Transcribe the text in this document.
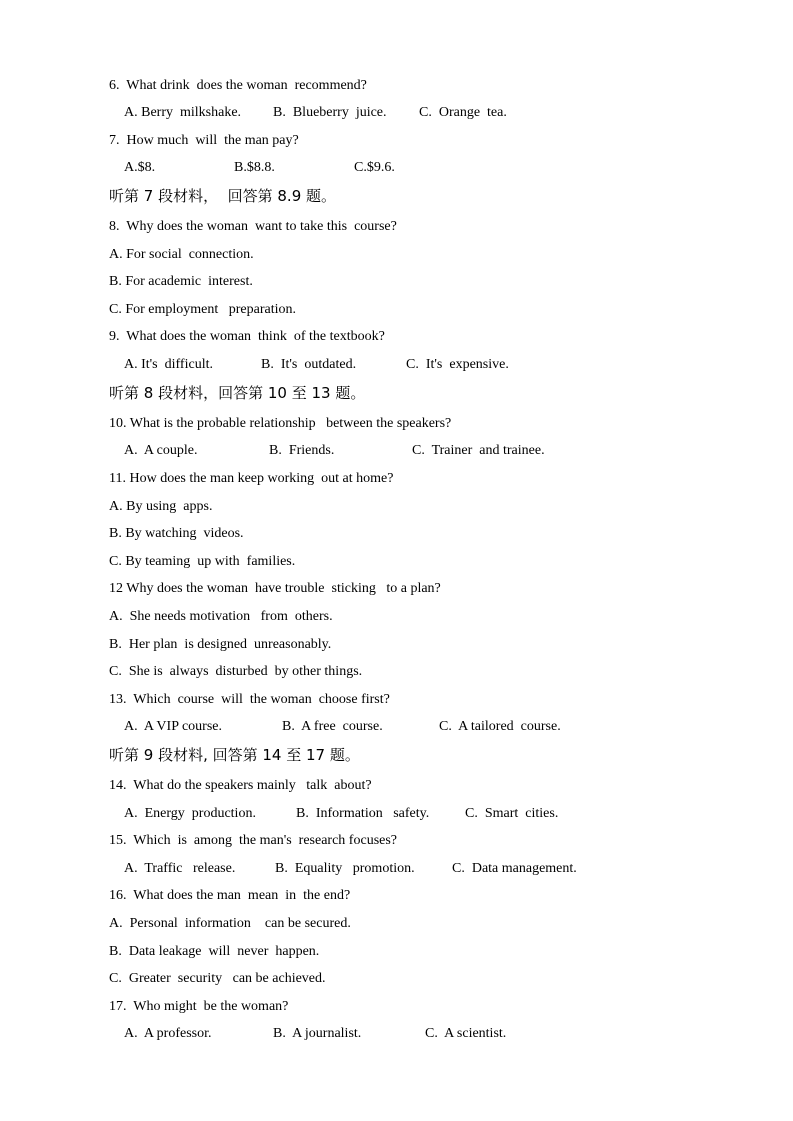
6.  What drink  does the woman  recommend?

A. Berry  milkshake.

B.  Blueberry  juice.

C.  Orange  tea.

7.  How much  will  the man pay?

A.$8.

	B.$8.8.

	C.$9.6.

听第 7 段材料，  回答第 8.9 题。
8.  Why does the woman  want to take this  course?
A. For social  connection.
B. For academic  interest.
C. For employment   preparation.
9.  What does the woman  think  of the textbook?

A. It's  difficult.

	B.  It's  outdated.

	C.  It's  expensive.

听第 8 段材料，回答第 10 至 13 题。
10. What is the probable relationship   between the speakers?

A.  A couple.

	B.  Friends.

	C.  Trainer  and trainee.

11. How does the man keep working  out at home?
A. By using  apps.
B. By watching  videos.
C. By teaming  up with  families.
12 Why does the woman  have trouble  sticking   to a plan?
A.  She needs motivation   from  others.
B.  Her plan  is designed  unreasonably.
C.  She is  always  disturbed  by other things.
13.  Which  course  will  the woman  choose first?

A.  A VIP course.

	B.  A free  course.

	C.  A tailored  course.

听第 9 段材料, 回答第 14 至 17 题。
14.  What do the speakers mainly   talk  about?

A.  Energy  production.

	B.  Information   safety.

	C.  Smart  cities.

15.  Which  is  among  the man's  research focuses?

A.  Traffic   release.

	B.  Equality   promotion.

	C.  Data management.

16.  What does the man  mean  in  the end?
A.  Personal  information    can be secured.
B.  Data leakage  will  never  happen.
C.  Greater  security   can be achieved.
17.  Who might  be the woman?

A.  A professor.

	B.  A journalist.

	C.  A scientist.
